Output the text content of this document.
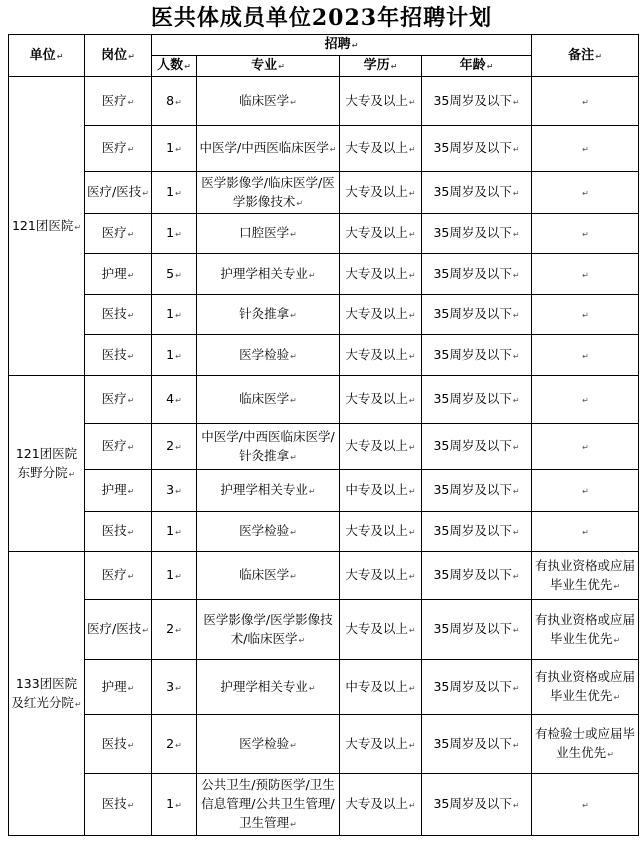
医共体成员单位2023年招聘计划
单位 ↵	岗位 ↵	招聘 ↵				备注 ↵
		人数 ↵	专业 ↵	学历 ↵	年龄 ↵
121团医院 ↵	医疗 ↵	8 ↵	临床医学 ↵	大专及以上 ↵	35周岁及以下 ↵	↵
	医疗 ↵	1 ↵	中医学/中西医临床医学 ↵	大专及以上 ↵	35周岁及以下 ↵	↵
	医疗/医技 ↵	1 ↵	医学影像学/临床医学/医学影像技术 ↵	大专及以上 ↵	35周岁及以下 ↵	↵
	医疗 ↵	1 ↵	口腔医学 ↵	大专及以上 ↵	35周岁及以下 ↵	↵
	护理 ↵	5 ↵	护理学相关专业 ↵	大专及以上 ↵	35周岁及以下 ↵	↵
	医技 ↵	1 ↵	针灸推拿 ↵	大专及以上 ↵	35周岁及以下 ↵	↵
	医技 ↵	1 ↵	医学检验 ↵	大专及以上 ↵	35周岁及以下 ↵	↵
121团医院东野分院 ↵	医疗 ↵	4 ↵	临床医学 ↵	大专及以上 ↵	35周岁及以下 ↵	↵
	医疗 ↵	2 ↵	中医学/中西医临床医学/针灸推拿 ↵	大专及以上 ↵	35周岁及以下 ↵	↵
	护理 ↵	3 ↵	护理学相关专业 ↵	中专及以上 ↵	35周岁及以下 ↵	↵
	医技 ↵	1 ↵	医学检验 ↵	大专及以上 ↵	35周岁及以下 ↵	↵
133团医院及红光分院 ↵	医疗 ↵	1 ↵	临床医学 ↵	大专及以上 ↵	35周岁及以下 ↵	有执业资格或应届毕业生优先 ↵
	医疗/医技 ↵	2 ↵	医学影像学/医学影像技术/临床医学 ↵	大专及以上 ↵	35周岁及以下 ↵	有执业资格或应届毕业生优先 ↵
	护理 ↵	3 ↵	护理学相关专业 ↵	中专及以上 ↵	35周岁及以下 ↵	有执业资格或应届毕业生优先 ↵
	医技 ↵	2 ↵	医学检验 ↵	大专及以上 ↵	35周岁及以下 ↵	有检验士或应届毕业生优先 ↵
	医技 ↵	1 ↵	公共卫生/预防医学/卫生信息管理/公共卫生管理/卫生管理 ↵	大专及以上 ↵	35周岁及以下 ↵	↵
